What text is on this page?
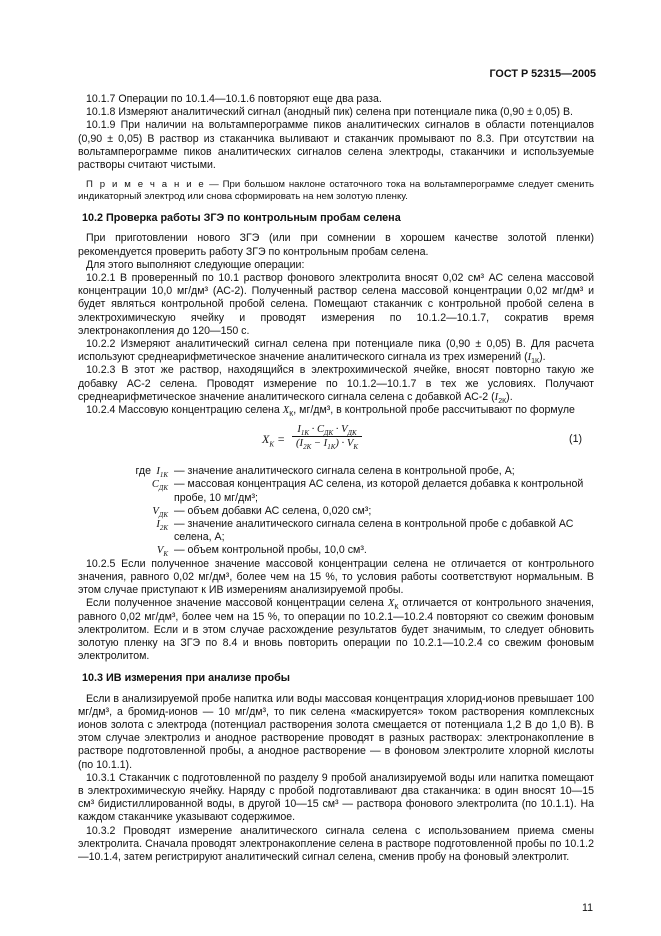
ГОСТ Р 52315—2005

10.1.7 Операции по 10.1.4—10.1.6 повторяют еще два раза.

10.1.8 Измеряют аналитический сигнал (анодный пик) селена при потенциале пика (0,90 ± 0,05) В.

10.1.9 При наличии на вольтамперограмме пиков аналитических сигналов в области потенциалов (0,90 ± 0,05) В раствор из стаканчика выливают и стаканчик промывают по 8.3. При отсутствии на вольтамперограмме пиков аналитических сигналов селена электроды, стаканчики и используемые растворы считают чистыми.

П р и м е ч а н и е — При большом наклоне остаточного тока на вольтамперограмме следует сменить индикаторный электрод или снова сформировать на нем золотую пленку.

10.2 Проверка работы ЗГЭ по контрольным пробам селена

При приготовлении нового ЗГЭ (или при сомнении в хорошем качестве золотой пленки) рекомендуется проверить работу ЗГЭ по контрольным пробам селена.

Для этого выполняют следующие операции:

10.2.1 В проверенный по 10.1 раствор фонового электролита вносят 0,02 см³ АС селена массовой концентрации 10,0 мг/дм³ (АС-2). Полученный раствор селена массовой концентрации 0,02 мг/дм³ и будет являться контрольной пробой селена. Помещают стаканчик с контрольной пробой селена в электрохимическую ячейку и проводят измерения по 10.1.2—10.1.7, сократив время электронакопления до 120—150 с.

10.2.2 Измеряют аналитический сигнал селена при потенциале пика (0,90 ± 0,05) В. Для расчета используют среднеарифметическое значение аналитического сигнала из трех измерений $(I_{1К})$.

10.2.3 В этот же раствор, находящийся в электрохимической ячейке, вносят повторно такую же добавку АС-2 селена. Проводят измерение по 10.1.2—10.1.7 в тех же условиях. Получают среднеарифметическое значение аналитического сигнала селена с добавкой АС-2 $(I_{2К})$.

10.2.4 Массовую концентрацию селена $X_К$, мг/дм³, в контрольной пробе рассчитывают по формуле

$X_К$ =
$I_{1К} \cdot C_{ДК} \cdot V_{ДК}$
$(I_{2К} - I_{1К}) \cdot V_К$
(1)
где  $I_{1К}$ — значение аналитического сигнала селена в контрольной пробе, А;
$C_{ДК}$ — массовая концентрация АС селена, из которой делается добавка к контрольной пробе, 10 мг/дм³;
$V_{ДК}$ — объем добавки АС селена, 0,020 см³;
$I_{2К}$ — значение аналитического сигнала селена в контрольной пробе с добавкой АС селена, А;
$V_К$ — объем контрольной пробы, 10,0 см³.

10.2.5 Если полученное значение массовой концентрации селена не отличается от контрольного значения, равного 0,02 мг/дм³, более чем на 15 %, то условия работы соответствуют нормальным. В этом случае приступают к ИВ измерениям анализируемой пробы.

Если полученное значение массовой концентрации селена $X_К$ отличается от контрольного значения, равного 0,02 мг/дм³, более чем на 15 %, то операции по 10.2.1—10.2.4 повторяют со свежим фоновым электролитом. Если и в этом случае расхождение результатов будет значимым, то следует обновить золотую пленку на ЗГЭ по 8.4 и вновь повторить операции по 10.2.1—10.2.4 со свежим фоновым электролитом.

10.3 ИВ измерения при анализе пробы

Если в анализируемой пробе напитка или воды массовая концентрация хлорид-ионов превышает 100 мг/дм³, а бромид-ионов — 10 мг/дм³, то пик селена «маскируется» током растворения комплексных ионов золота с электрода (потенциал растворения золота смещается от потенциала 1,2 В до 1,0 В). В этом случае электролиз и анодное растворение проводят в разных растворах: электронакопление в растворе подготовленной пробы, а анодное растворение — в фоновом электролите хлорной кислоты (по 10.1.1).

10.3.1 Стаканчик с подготовленной по разделу 9 пробой анализируемой воды или напитка помещают в электрохимическую ячейку. Наряду с пробой подготавливают два стаканчика: в один вносят 10—15 см³ бидистиллированной воды, в другой 10—15 см³ — раствора фонового электролита (по 10.1.1). На каждом стаканчике указывают содержимое.

10.3.2 Проводят измерение аналитического сигнала селена с использованием приема смены электролита. Сначала проводят электронакопление селена в растворе подготовленной пробы по 10.1.2—10.1.4, затем регистрируют аналитический сигнал селена, сменив пробу на фоновый электролит.

11
